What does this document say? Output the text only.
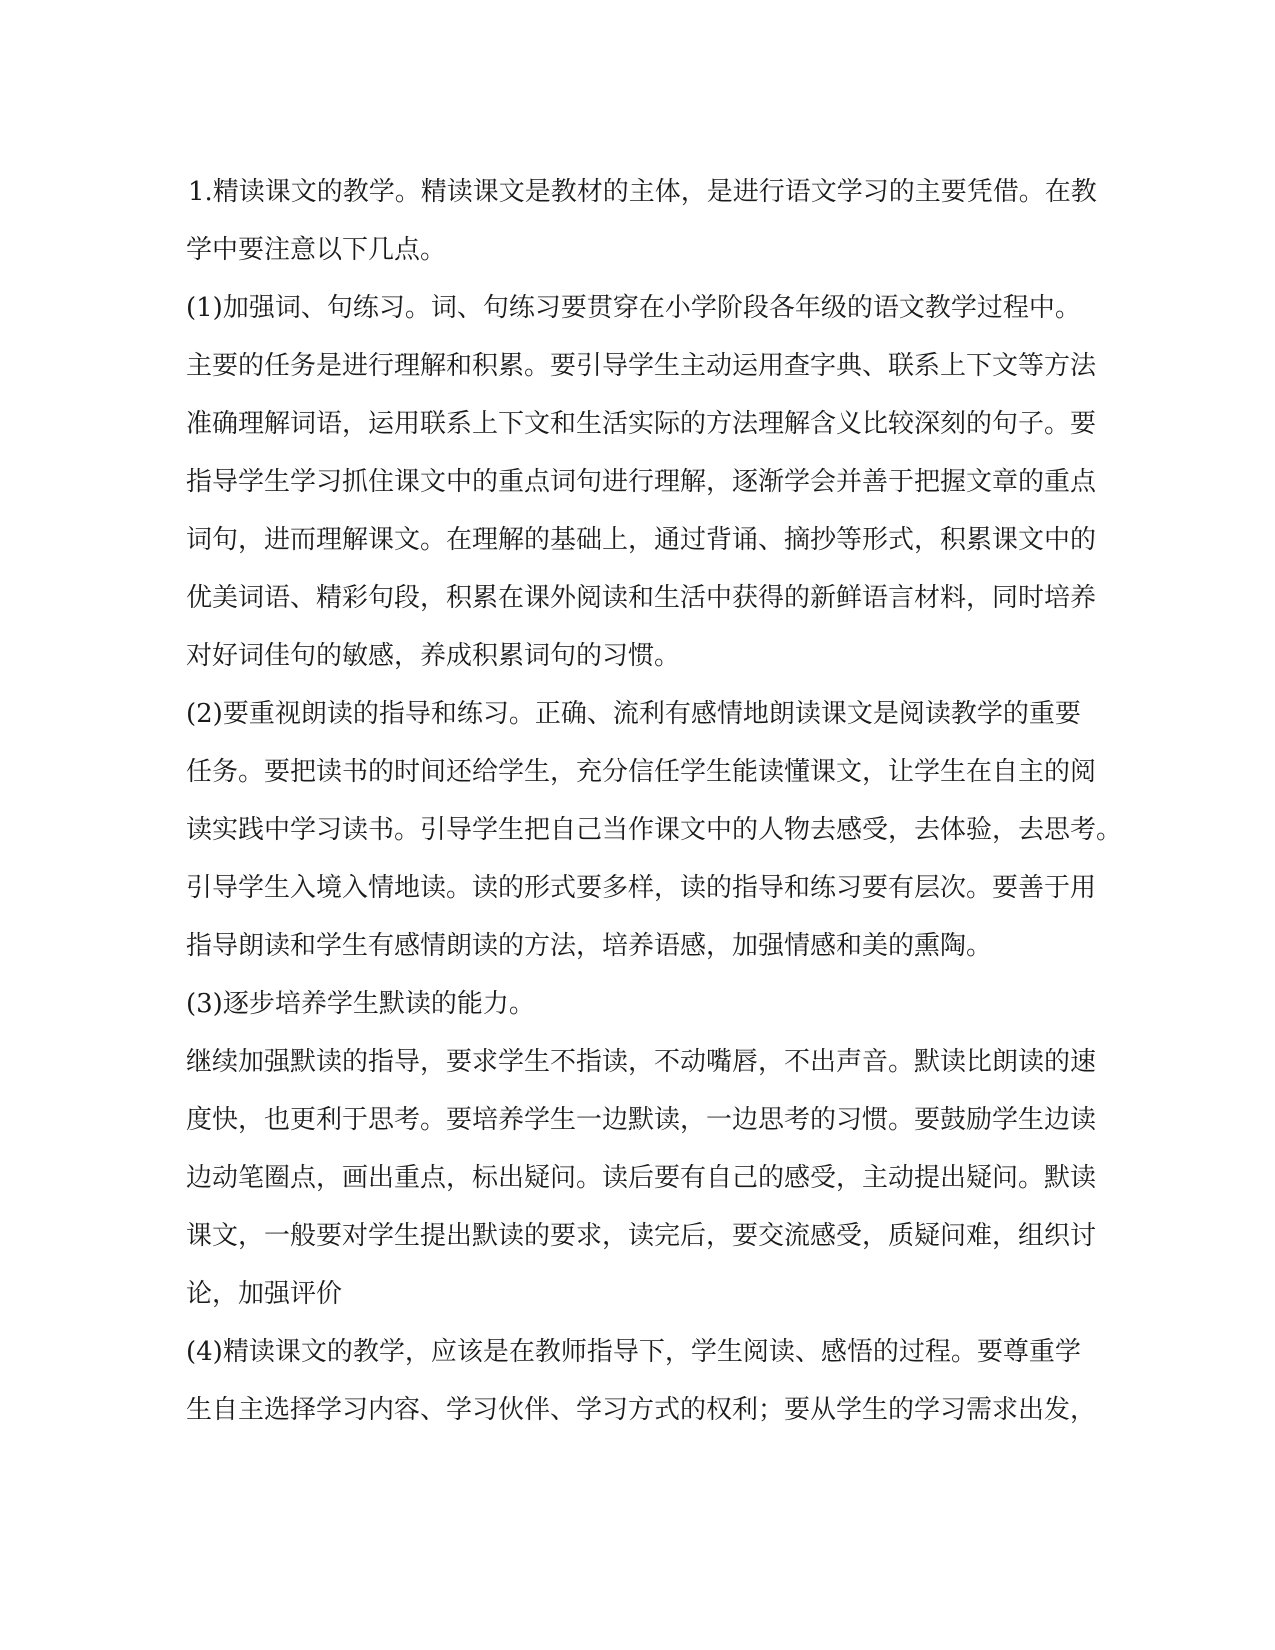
1.精读课文的教学。精读课文是教材的主体，是进行语文学习的主要凭借。在教
学中要注意以下几点。
(1)加强词、句练习。词、句练习要贯穿在小学阶段各年级的语文教学过程中。
主要的任务是进行理解和积累。要引导学生主动运用查字典、联系上下文等方法
准确理解词语，运用联系上下文和生活实际的方法理解含义比较深刻的句子。要
指导学生学习抓住课文中的重点词句进行理解，逐渐学会并善于把握文章的重点
词句，进而理解课文。在理解的基础上，通过背诵、摘抄等形式，积累课文中的
优美词语、精彩句段，积累在课外阅读和生活中获得的新鲜语言材料，同时培养
对好词佳句的敏感，养成积累词句的习惯。
(2)要重视朗读的指导和练习。正确、流利有感情地朗读课文是阅读教学的重要
任务。要把读书的时间还给学生，充分信任学生能读懂课文，让学生在自主的阅
读实践中学习读书。引导学生把自己当作课文中的人物去感受，去体验，去思考。
引导学生入境入情地读。读的形式要多样，读的指导和练习要有层次。要善于用
指导朗读和学生有感情朗读的方法，培养语感，加强情感和美的熏陶。
(3)逐步培养学生默读的能力。
继续加强默读的指导，要求学生不指读，不动嘴唇，不出声音。默读比朗读的速
度快，也更利于思考。要培养学生一边默读，一边思考的习惯。要鼓励学生边读
边动笔圈点，画出重点，标出疑问。读后要有自己的感受，主动提出疑问。默读
课文，一般要对学生提出默读的要求，读完后，要交流感受，质疑问难，组织讨
论，加强评价
(4)精读课文的教学，应该是在教师指导下，学生阅读、感悟的过程。要尊重学
生自主选择学习内容、学习伙伴、学习方式的权利；要从学生的学习需求出发，
